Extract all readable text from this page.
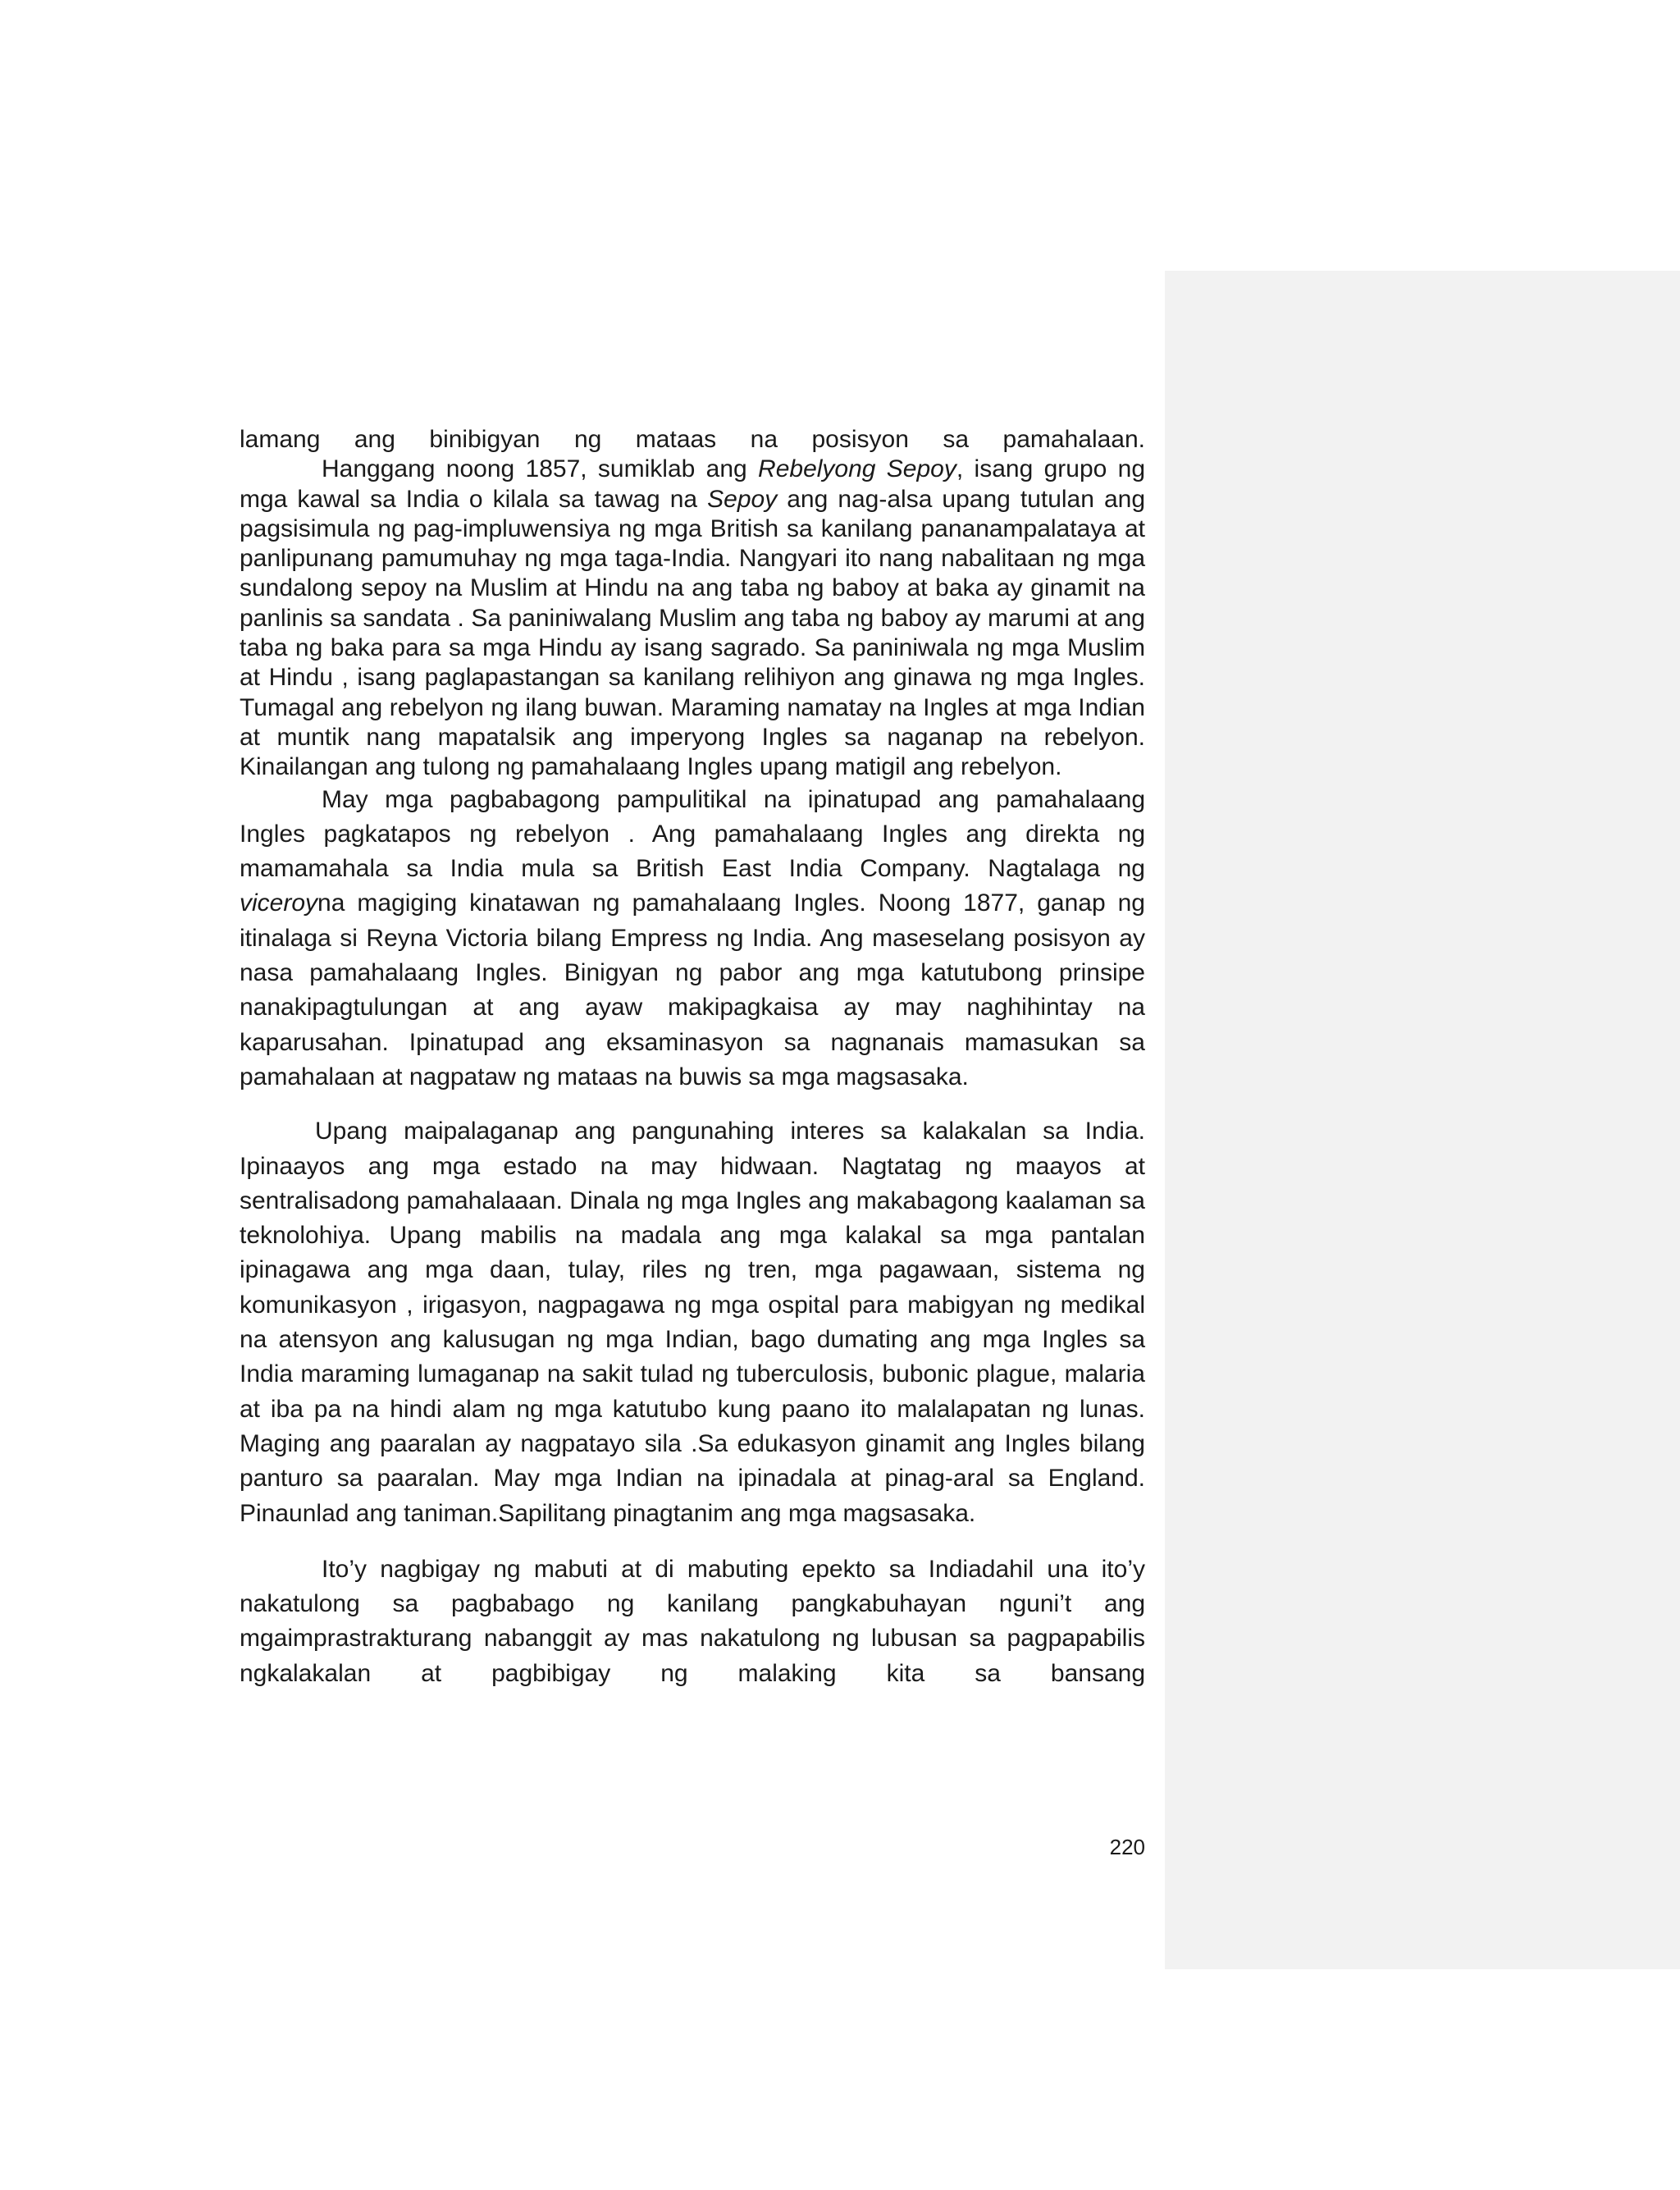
lamang ang binibigyan ng mataas na posisyon sa pamahalaan.

Hanggang noong 1857, sumiklab ang Rebelyong Sepoy, isang grupo ng mga kawal sa India o kilala sa tawag na Sepoy ang nag-alsa upang tutulan ang pagsisimula ng pag-impluwensiya ng mga British sa kanilang pananampalataya at panlipunang pamumuhay ng mga taga-India. Nangyari ito nang nabalitaan ng mga sundalong sepoy na Muslim at Hindu na ang taba ng baboy at baka ay ginamit na panlinis sa sandata . Sa paniniwalang Muslim ang taba ng baboy ay marumi at ang taba ng baka para sa mga Hindu ay isang sagrado. Sa paniniwala ng mga Muslim at Hindu , isang paglapastangan sa kanilang relihiyon ang ginawa ng mga Ingles. Tumagal ang rebelyon ng ilang buwan. Maraming namatay na Ingles at mga Indian at muntik nang mapatalsik ang imperyong Ingles sa naganap na rebelyon. Kinailangan ang tulong ng pamahalaang Ingles upang matigil ang rebelyon.

May mga pagbabagong pampulitikal na ipinatupad ang pamahalaang Ingles pagkatapos ng rebelyon . Ang pamahalaang Ingles ang direkta ng mamamahala sa India mula sa British East India Company. Nagtalaga ng viceroyna magiging kinatawan ng pamahalaang Ingles. Noong 1877, ganap ng itinalaga si Reyna Victoria bilang Empress ng India. Ang maseselang posisyon ay nasa pamahalaang Ingles. Binigyan ng pabor ang mga katutubong prinsipe nanakipagtulungan at ang ayaw makipagkaisa ay may naghihintay na kaparusahan. Ipinatupad ang eksaminasyon sa nagnanais mamasukan sa pamahalaan at nagpataw ng mataas na buwis sa mga magsasaka.

Upang maipalaganap ang pangunahing interes sa kalakalan sa India. Ipinaayos ang mga estado na may hidwaan. Nagtatag ng maayos at sentralisadong pamahalaaan. Dinala ng mga Ingles ang makabagong kaalaman sa teknolohiya. Upang mabilis na madala ang mga kalakal sa mga pantalan ipinagawa ang mga daan, tulay, riles ng tren, mga pagawaan, sistema ng komunikasyon , irigasyon, nagpagawa ng mga ospital para mabigyan ng medikal na atensyon ang kalusugan ng mga Indian, bago dumating ang mga Ingles sa India maraming lumaganap na sakit tulad ng tuberculosis, bubonic plague, malaria at iba pa na hindi alam ng mga katutubo kung paano ito malalapatan ng lunas. Maging ang paaralan ay nagpatayo sila .Sa edukasyon ginamit ang Ingles bilang panturo sa paaralan. May mga Indian na ipinadala at pinag-aral sa England. Pinaunlad ang taniman.Sapilitang pinagtanim ang mga magsasaka.

Ito’y nagbigay ng mabuti at di mabuting epekto sa Indiadahil una ito’y nakatulong sa pagbabago ng kanilang pangkabuhayan nguni’t ang mgaimprastrakturang nabanggit ay mas nakatulong ng lubusan sa pagpapabilis ngkalakalan at pagbibigay ng malaking kita sa bansang

220
